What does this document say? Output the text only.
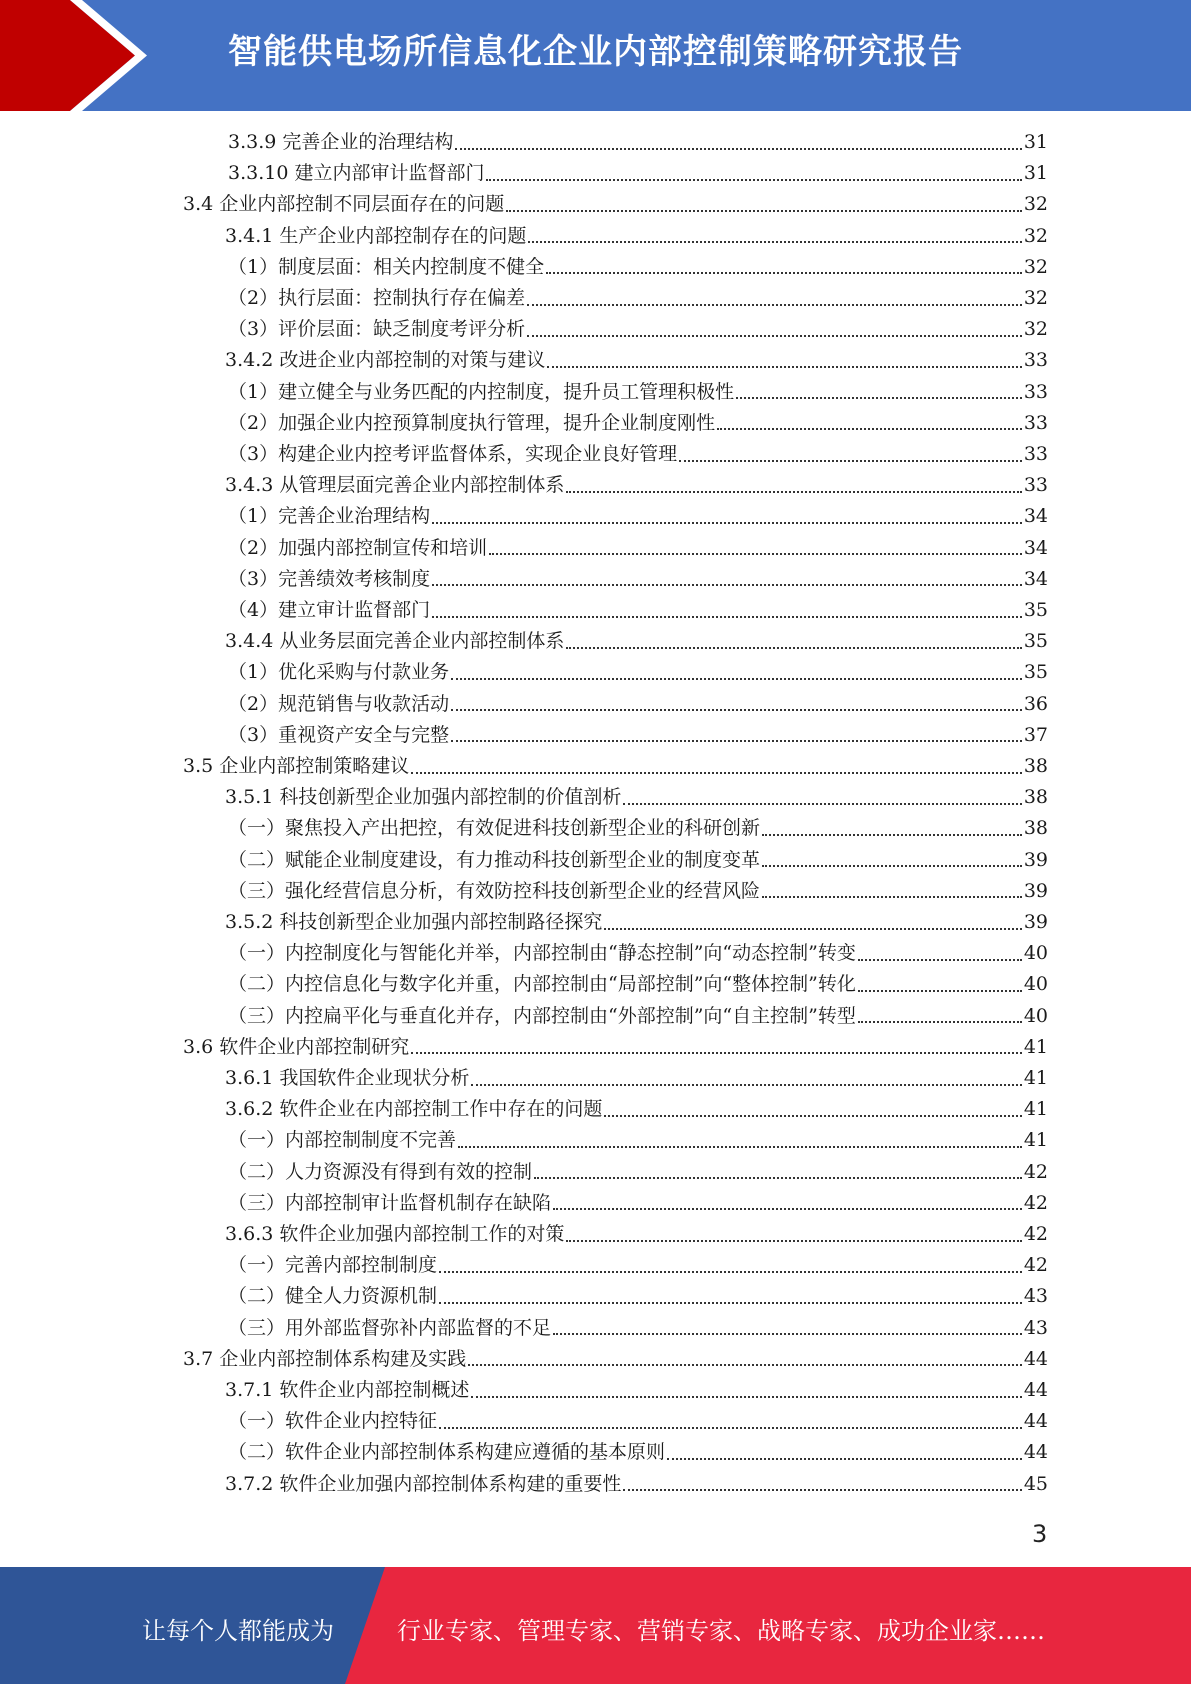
智能供电场所信息化企业内部控制策略研究报告
3.3.9 完善企业的治理结构	31
3.3.10 建立内部审计监督部门	31
3.4 企业内部控制不同层面存在的问题	32
3.4.1 生产企业内部控制存在的问题	32
（1）制度层面：相关内控制度不健全	32
（2）执行层面：控制执行存在偏差	32
（3）评价层面：缺乏制度考评分析	32
3.4.2 改进企业内部控制的对策与建议	33
（1）建立健全与业务匹配的内控制度，提升员工管理积极性	33
（2）加强企业内控预算制度执行管理，提升企业制度刚性	33
（3）构建企业内控考评监督体系，实现企业良好管理	33
3.4.3 从管理层面完善企业内部控制体系	33
（1）完善企业治理结构	34
（2）加强内部控制宣传和培训	34
（3）完善绩效考核制度	34
（4）建立审计监督部门	35
3.4.4 从业务层面完善企业内部控制体系	35
（1）优化采购与付款业务	35
（2）规范销售与收款活动	36
（3）重视资产安全与完整	37
3.5 企业内部控制策略建议	38
3.5.1 科技创新型企业加强内部控制的价值剖析	38
（一）聚焦投入产出把控，有效促进科技创新型企业的科研创新	38
（二）赋能企业制度建设，有力推动科技创新型企业的制度变革	39
（三）强化经营信息分析，有效防控科技创新型企业的经营风险	39
3.5.2 科技创新型企业加强内部控制路径探究	39
（一）内控制度化与智能化并举，内部控制由“静态控制”向“动态控制”转变	40
（二）内控信息化与数字化并重，内部控制由“局部控制”向“整体控制”转化	40
（三）内控扁平化与垂直化并存，内部控制由“外部控制”向“自主控制”转型	40
3.6 软件企业内部控制研究	41
3.6.1 我国软件企业现状分析	41
3.6.2 软件企业在内部控制工作中存在的问题	41
（一）内部控制制度不完善	41
（二）人力资源没有得到有效的控制	42
（三）内部控制审计监督机制存在缺陷	42
3.6.3 软件企业加强内部控制工作的对策	42
（一）完善内部控制制度	42
（二）健全人力资源机制	43
（三）用外部监督弥补内部监督的不足	43
3.7 企业内部控制体系构建及实践	44
3.7.1 软件企业内部控制概述	44
（一）软件企业内控特征	44
（二）软件企业内部控制体系构建应遵循的基本原则	44
3.7.2 软件企业加强内部控制体系构建的重要性	45
3
让每个人都能成为	行业专家、管理专家、营销专家、战略专家、成功企业家……
